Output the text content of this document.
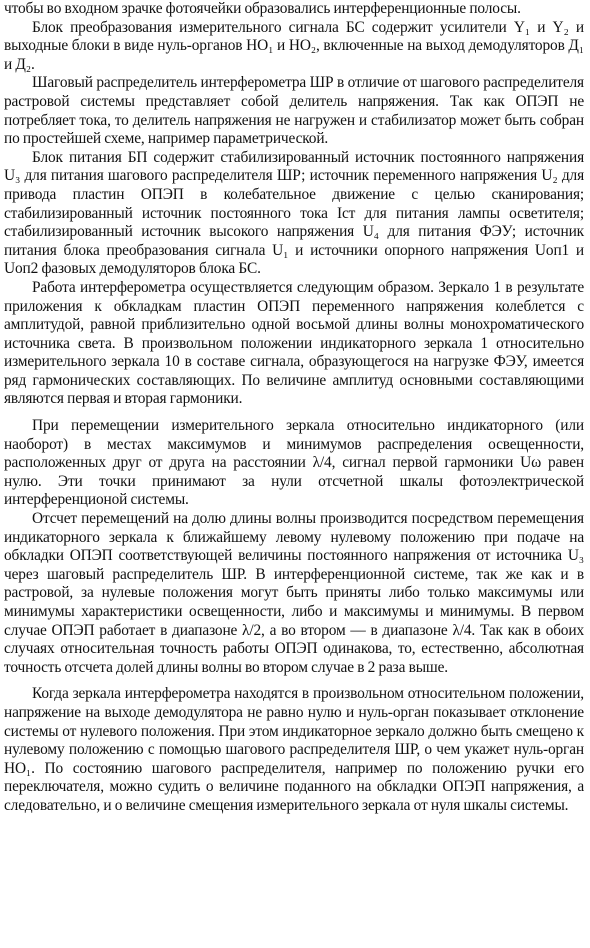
чтобы во входном зрачке фотоячейки образовались интерференционные полосы.

Блок преобразования измерительного сигнала БС содержит усилители Y₁ и Y₂ и выходные блоки в виде нуль-органов НО₁ и НО₂, включенные на выход демодуляторов Д₁ и Д₂.

Шаговый распределитель интерферометра ШР в отличие от шагового распределителя растровой системы представляет собой делитель напряжения. Так как ОПЭП не потребляет тока, то делитель напряжения не нагружен и стабилизатор может быть собран по простейшей схеме, например параметрической.

Блок питания БП содержит стабилизированный источник постоянного напряжения U₃ для питания шагового распределителя ШР; источник переменного напряжения U₂ для привода пластин ОПЭП в колебательное движение с целью сканирования; стабилизированный источник постоянного тока Iст для питания лампы осветителя; стабилизированный источник высокого напряжения U₄ для питания ФЭУ; источник питания блока преобразования сигнала U₁ и источники опорного напряжения Uоп1 и Uоп2 фазовых демодуляторов блока БС.

Работа интерферометра осуществляется следующим образом. Зеркало 1 в результате приложения к обкладкам пластин ОПЭП переменного напряжения колеблется с амплитудой, равной приблизительно одной восьмой длины волны монохроматического источника света. В произвольном положении индикаторного зеркала 1 относительно измерительного зеркала 10 в составе сигнала, образующегося на нагрузке ФЭУ, имеется ряд гармонических составляющих. По величине амплитуд основными составляющими являются первая и вторая гармоники.

При перемещении измерительного зеркала относительно индикаторного (или наоборот) в местах максимумов и минимумов распределения освещенности, расположенных друг от друга на расстоянии λ/4, сигнал первой гармоники Uω равен нулю. Эти точки принимают за нули отсчетной шкалы фотоэлектрической интерференционой системы.

Отсчет перемещений на долю длины волны производится посредством перемещения индикаторного зеркала к ближайшему левому нулевому положению при подаче на обкладки ОПЭП соответствующей величины постоянного напряжения от источника U₃ через шаговый распределитель ШР. В интерференционной системе, так же как и в растровой, за нулевые положения могут быть приняты либо только максимумы или минимумы характеристики освещенности, либо и максимумы и минимумы. В первом случае ОПЭП работает в диапазоне λ/2, а во втором — в диапазоне λ/4. Так как в обоих случаях относительная точность работы ОПЭП одинакова, то, естественно, абсолютная точность отсчета долей длины волны во втором случае в 2 раза выше.

Когда зеркала интерферометра находятся в произвольном относительном положении, напряжение на выходе демодулятора не равно нулю и нуль-орган показывает отклонение системы от нулевого положения. При этом индикаторное зеркало должно быть смещено к нулевому положению с помощью шагового распределителя ШР, о чем укажет нуль-орган НО₁. По состоянию шагового распределителя, например по положению ручки его переключателя, можно судить о величине поданного на обкладки ОПЭП напряжения, а следовательно, и о величине смещения измерительного зеркала от нуля шкалы системы.
